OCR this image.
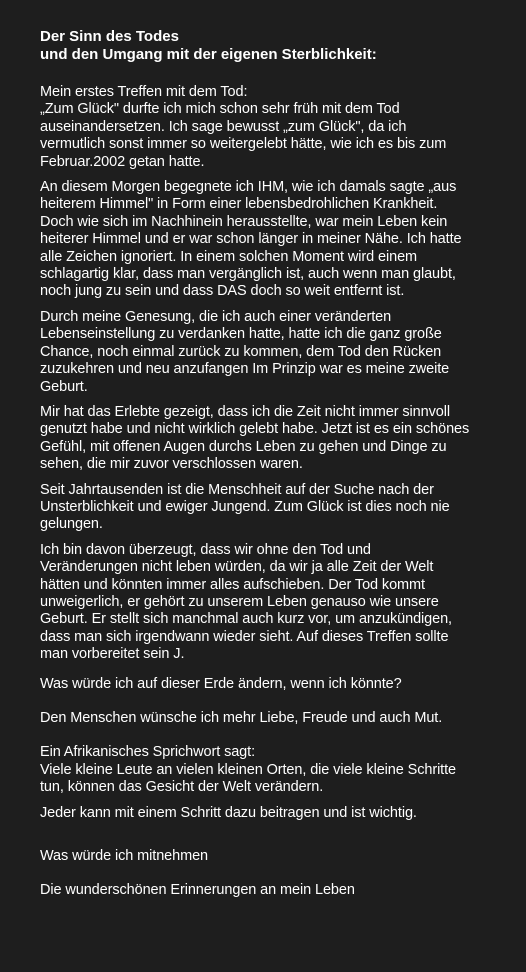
Der Sinn des Todes
und den Umgang mit der eigenen Sterblichkeit:

Mein erstes Treffen mit dem Tod:
„Zum Glück" durfte ich mich schon sehr früh mit dem Tod
auseinandersetzen. Ich sage bewusst „zum Glück", da ich
vermutlich sonst immer so weitergelebt hätte, wie ich es bis zum
Februar.2002 getan hatte.

An diesem Morgen begegnete ich IHM, wie ich damals sagte „aus
heiterem Himmel" in Form einer lebensbedrohlichen Krankheit.
Doch wie sich im Nachhinein herausstellte, war mein Leben kein
heiterer Himmel und er war schon länger in meiner Nähe. Ich hatte
alle Zeichen ignoriert. In einem solchen Moment wird einem
schlagartig klar, dass man vergänglich ist, auch wenn man glaubt,
noch jung zu sein und dass DAS doch so weit entfernt ist.

Durch meine Genesung, die ich auch einer veränderten
Lebenseinstellung zu verdanken hatte, hatte ich die ganz große
Chance, noch einmal zurück zu kommen, dem Tod den Rücken
zuzukehren und neu anzufangen Im Prinzip war es meine zweite
Geburt.

Mir hat das Erlebte gezeigt, dass ich die Zeit nicht immer sinnvoll
genutzt habe und nicht wirklich gelebt habe. Jetzt ist es ein schönes
Gefühl, mit offenen Augen durchs Leben zu gehen und Dinge zu
sehen, die mir zuvor verschlossen waren.

Seit Jahrtausenden ist die Menschheit auf der Suche nach der
Unsterblichkeit und ewiger Jungend. Zum Glück ist dies noch nie
gelungen.

Ich bin davon überzeugt, dass wir ohne den Tod und
Veränderungen nicht leben würden, da wir ja alle Zeit der Welt
hätten und könnten immer alles aufschieben. Der Tod kommt
unweigerlich, er gehört zu unserem Leben genauso wie unsere
Geburt. Er stellt sich manchmal auch kurz vor, um anzukündigen,
dass man sich irgendwann wieder sieht. Auf dieses Treffen sollte
man vorbereitet sein J.

Was würde ich auf dieser Erde ändern, wenn ich könnte?

Den Menschen wünsche ich mehr Liebe, Freude und auch Mut.

Ein Afrikanisches Sprichwort sagt:
Viele kleine Leute an vielen kleinen Orten, die viele kleine Schritte
tun, können das Gesicht der Welt verändern.

Jeder kann mit einem Schritt dazu beitragen und ist wichtig.

Was würde ich mitnehmen

Die wunderschönen Erinnerungen an mein Leben
